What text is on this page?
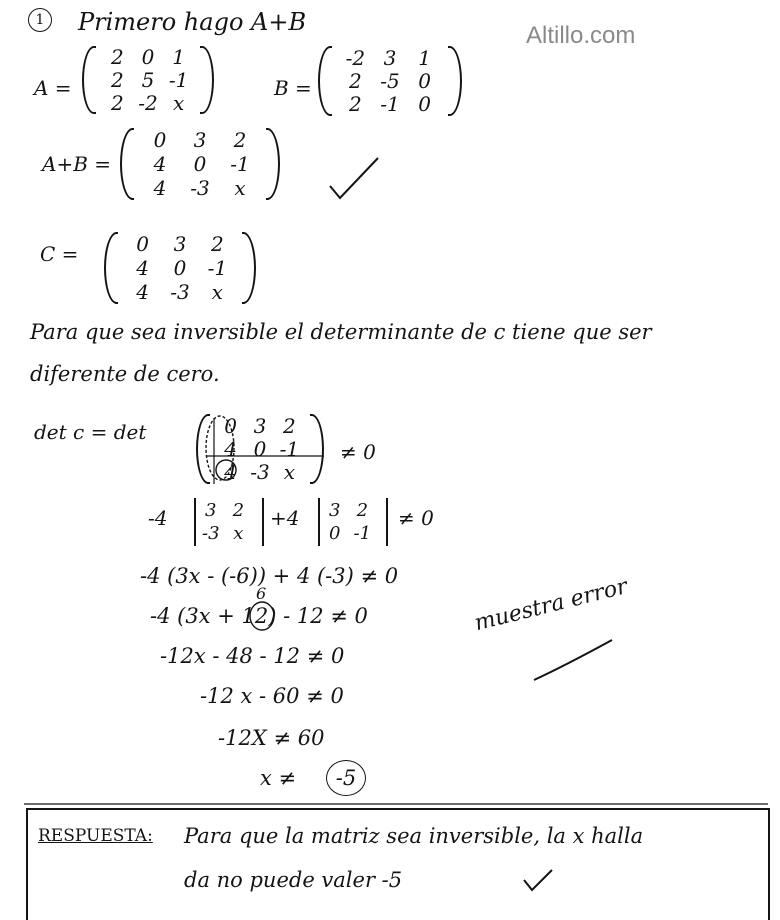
Altillo.com
1	Primero hago A+B
A =
2 0 1
2 5 -1
2 -2 x
B =
-2 3	1
2 -5 0
2 -1 0
A+B =
0	3	2
4	0	-1
4	-3	x
C =	0	3	2
4	0	-1
4	-3	x
Para que sea inversible el determinante de c tiene que ser
diferente de cero.
det c = det	0 3 2
4 0 -1
4 -3 x
≠ 0
-4 3 2
-3 x
+4 3 2
0 -1
≠ 0
-4 (3x - (-6)) + 4 (-3) ≠ 0
6
-4 (3x + 12) - 12 ≠ 0
-12x - 48 - 12 ≠ 0
-12 x - 60 ≠ 0
-12X ≠ 60
x ≠	-5
muestra error
RESPUESTA: Para que la matriz sea inversible, la x halla
da no puede valer -5
